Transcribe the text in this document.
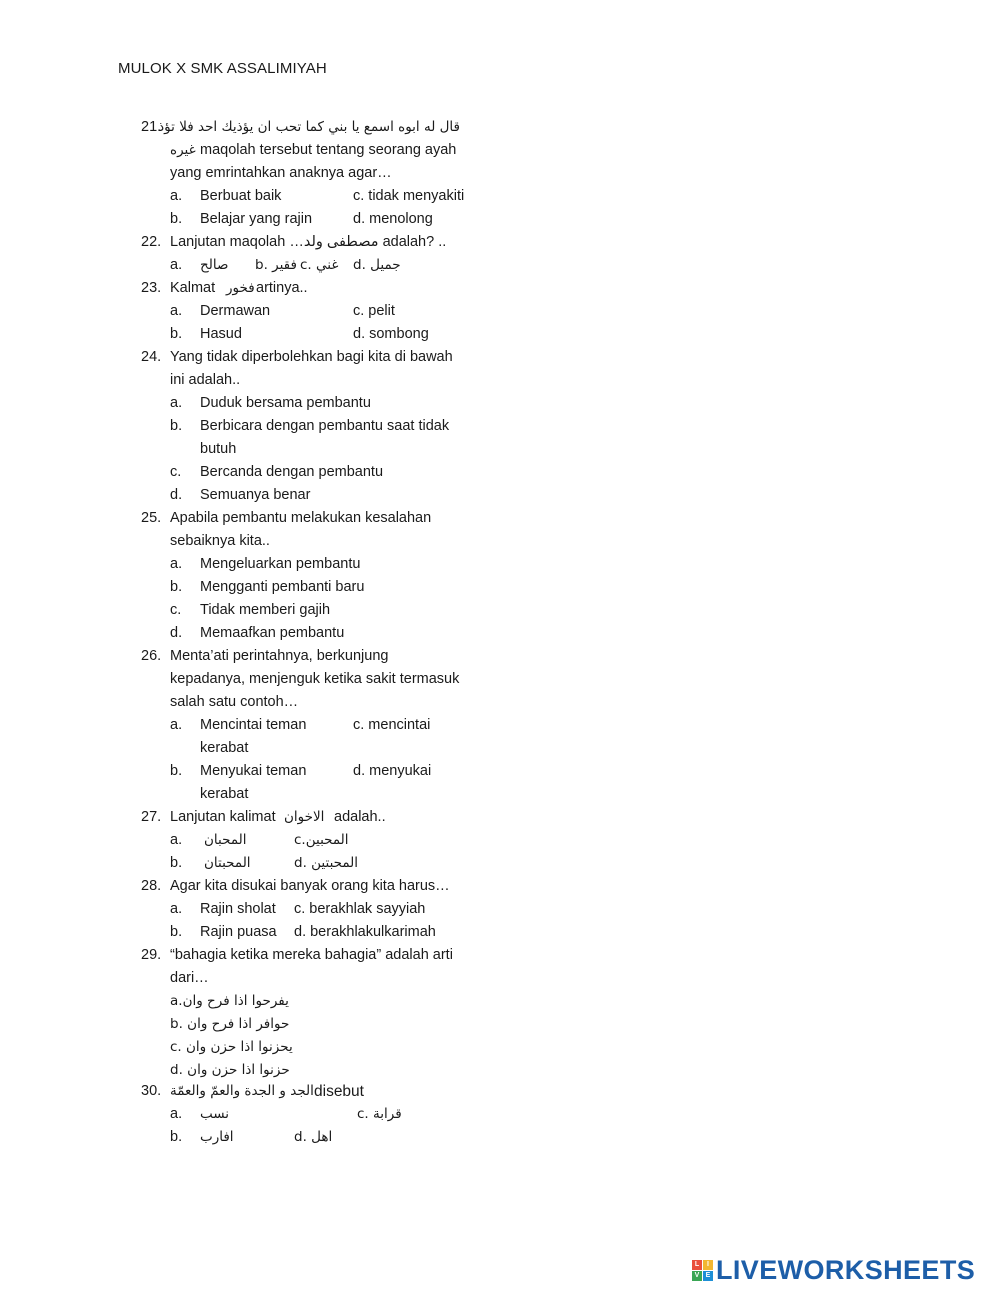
MULOK X SMK ASSALIMIYAH
21.
قال له ابوه اسمع يا بني كما تحب ان يؤذيك احد فلا تؤذ
غيره maqolah tersebut tentang seorang ayah
yang emrintahkan anaknya agar…
a. Berbuat baik	c. tidak menyakiti
b. Belajar yang rajin	d. menolong
22. Lanjutan maqolah …مصطفى ولد adalah? ..
a. صالح b. فقير c. غني d. جميل
23. Kalmat فخور artinya..
a. Dermawan	c. pelit
b. Hasud	d. sombong
24. Yang tidak diperbolehkan bagi kita di bawah
ini adalah..
a. Duduk bersama pembantu
b. Berbicara dengan pembantu saat tidak
butuh
c. Bercanda dengan pembantu
d. Semuanya benar
25. Apabila pembantu melakukan kesalahan
sebaiknya kita..
a. Mengeluarkan pembantu
b. Mengganti pembanti baru
c. Tidak memberi gajih
d. Memaafkan pembantu
26. Menta’ati perintahnya, berkunjung
kepadanya, menjenguk ketika sakit termasuk
salah satu contoh…
a. Mencintai teman	c. mencintai
kerabat
b. Menyukai teman	d. menyukai
kerabat
27. Lanjutan kalimat الاخوان adalah..
a. المحبان	c.المحبين
b. المحبتان	d. المحبتين
28. Agar kita disukai banyak orang kita harus…
a. Rajin sholat c. berakhlak sayyiah
b. Rajin puasa d. berakhlakulkarimah
29. “bahagia ketika mereka bahagia” adalah arti
dari…
a.يفرحوا اذا فرح وان
b. حوافر اذا فرح وان
c. يحزنوا اذا حزن وان
d. حزنوا اذا حزن وان
30. الجد و الجدة والعمّ والعمّة disebut
a. نسب	c. قرابة
b. افارب	d. اهل
L	I
V E LIVEWORKSHEETS
